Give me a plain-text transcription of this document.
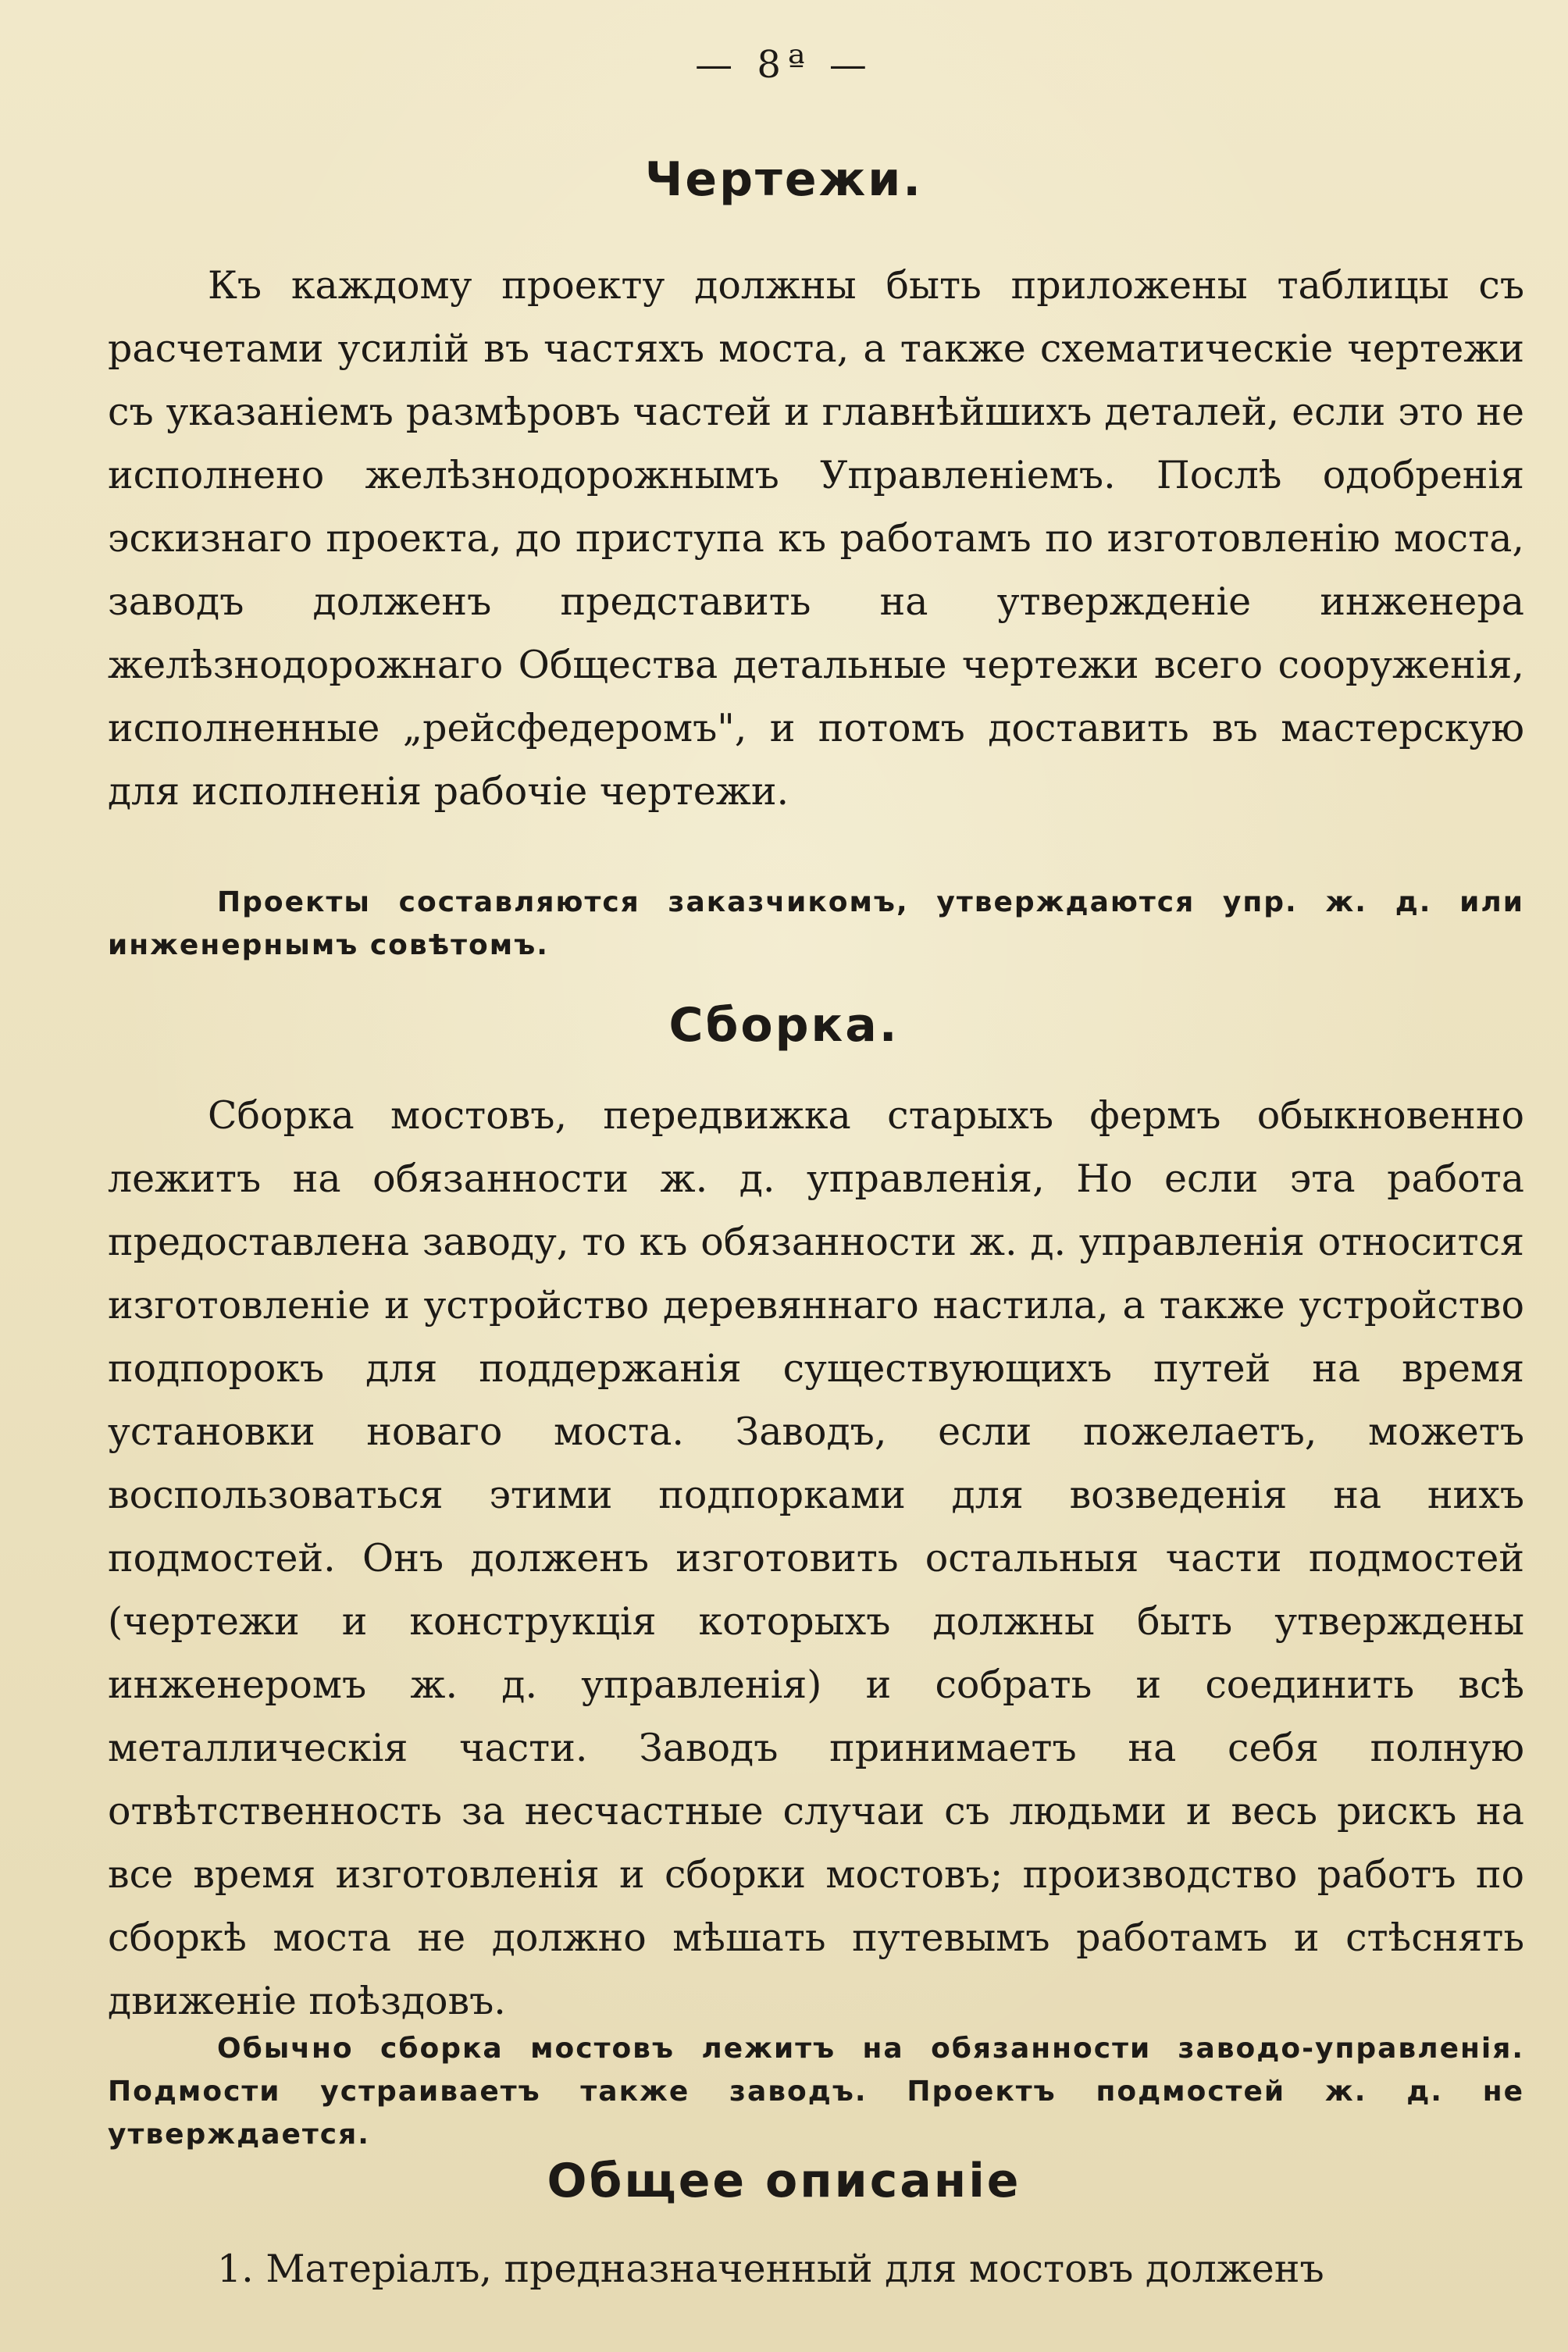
— 8ª —
Чертежи.

Къ каждому проекту должны быть приложены таблицы съ расчетами усилій въ частяхъ моста, а также схематическіе чертежи съ указаніемъ размѣровъ частей и главнѣйшихъ деталей, если это не исполнено желѣзнодорожнымъ Управленіемъ. Послѣ одобренія эскизнаго проекта, до приступа къ работамъ по изготовленію моста, заводъ долженъ представить на утвержденіе инженера желѣзнодорожнаго Общества детальные чертежи всего сооруженія, исполненные „рейсфедеромъ", и потомъ доставить въ мастерскую для исполненія рабочіе чертежи.

Проекты составляются заказчикомъ, утверждаются упр. ж. д. или инженернымъ совѣтомъ.

Сборка.

Сборка мостовъ, передвижка старыхъ фермъ обыкновенно лежитъ на обязанности ж. д. управленія, Но если эта работа предоставлена заводу, то къ обязанности ж. д. управленія относится изготовленіе и устройство деревяннаго настила, а также устройство подпорокъ для поддержанія существующихъ путей на время установки новаго моста. Заводъ, если пожелаетъ, можетъ воспользоваться этими подпорками для возведенія на нихъ подмостей. Онъ долженъ изготовить остальныя части подмостей (чертежи и конструкція которыхъ должны быть утверждены инженеромъ ж. д. управленія) и собрать и соединить всѣ металлическія части. Заводъ принимаетъ на себя полную отвѣтственность за несчастные случаи съ людьми и весь рискъ на все время изготовленія и сборки мостовъ; производство работъ по сборкѣ моста не должно мѣшать путевымъ работамъ и стѣснять движеніе поѣздовъ.

Обычно сборка мостовъ лежитъ на обязанности заводо-управленія. Подмости устраиваетъ также заводъ. Проектъ подмостей ж. д. не утверждается.

Общее описаніе

1. Матеріалъ, предназначенный для мостовъ долженъ
